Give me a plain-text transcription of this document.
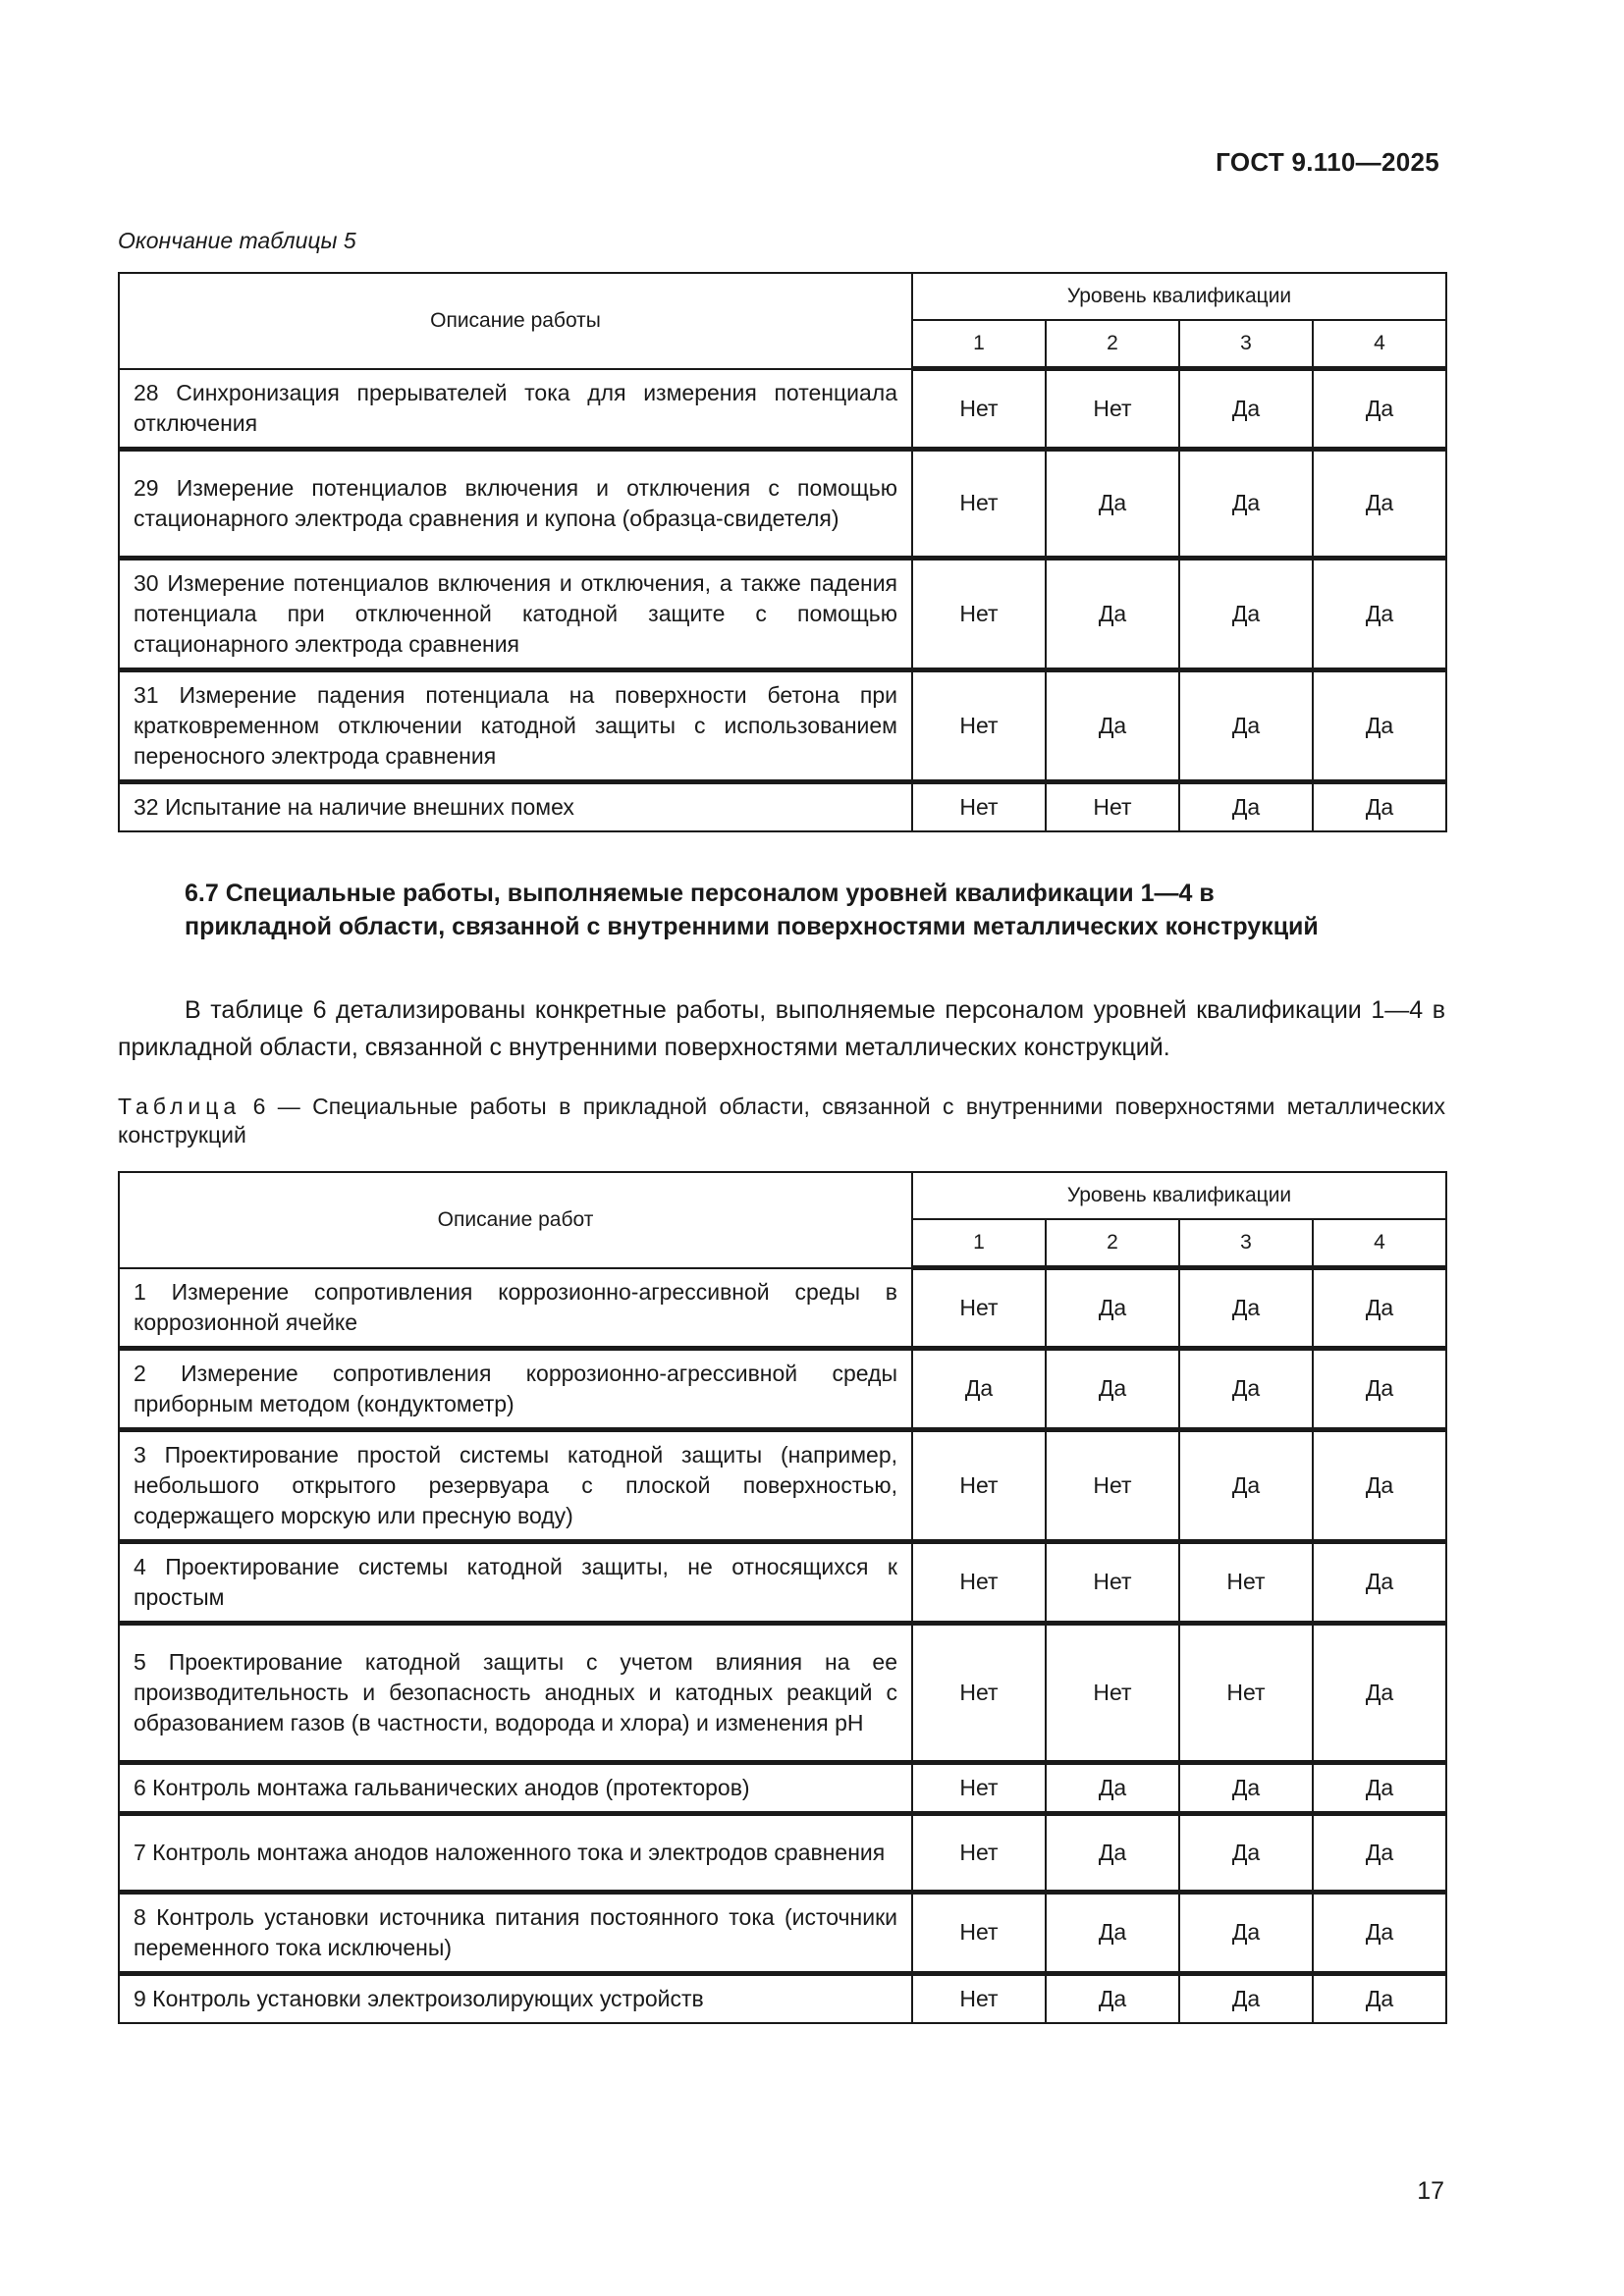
ГОСТ 9.110—2025
Окончание таблицы 5
Описание работы	Уровень квалификации			
	1	2	3	4
28 Синхронизация прерывателей тока для измерения потенциала отключения	Нет	Нет	Да	Да
29 Измерение потенциалов включения и отключения с помощью стационарного электрода сравнения и купона (образца-свидетеля)	Нет	Да	Да	Да
30 Измерение потенциалов включения и отключения, а также падения потенциала при отключенной катодной защите с помощью стационарного электрода сравнения	Нет	Да	Да	Да
31 Измерение падения потенциала на поверхности бетона при кратковременном отключении катодной защиты с использованием переносного электрода сравнения	Нет	Да	Да	Да
32 Испытание на наличие внешних помех	Нет	Нет	Да	Да
6.7 Специальные работы, выполняемые персоналом уровней квалификации 1—4 в прикладной области, связанной с внутренними поверхностями металлических конструкций
В таблице 6 детализированы конкретные работы, выполняемые персоналом уровней квалификации 1—4 в прикладной области, связанной с внутренними поверхностями металлических конструкций.
Таблица 6 — Специальные работы в прикладной области, связанной с внутренними поверхностями металлических конструкций
Описание работ	Уровень квалификации			
	1	2	3	4
1 Измерение сопротивления коррозионно-агрессивной среды в коррозионной ячейке	Нет	Да	Да	Да
2 Измерение сопротивления коррозионно-агрессивной среды приборным методом (кондуктометр)	Да	Да	Да	Да
3 Проектирование простой системы катодной защиты (например, небольшого открытого резервуара с плоской поверхностью, содержащего морскую или пресную воду)	Нет	Нет	Да	Да
4 Проектирование системы катодной защиты, не относящихся к простым	Нет	Нет	Нет	Да
5 Проектирование катодной защиты с учетом влияния на ее производительность и безопасность анодных и катодных реакций с образованием газов (в частности, водорода и хлора) и изменения pH	Нет	Нет	Нет	Да
6 Контроль монтажа гальванических анодов (протекторов)	Нет	Да	Да	Да
7 Контроль монтажа анодов наложенного тока и электродов сравнения	Нет	Да	Да	Да
8 Контроль установки источника питания постоянного тока (источники переменного тока исключены)	Нет	Да	Да	Да
9 Контроль установки электроизолирующих устройств	Нет	Да	Да	Да
17
